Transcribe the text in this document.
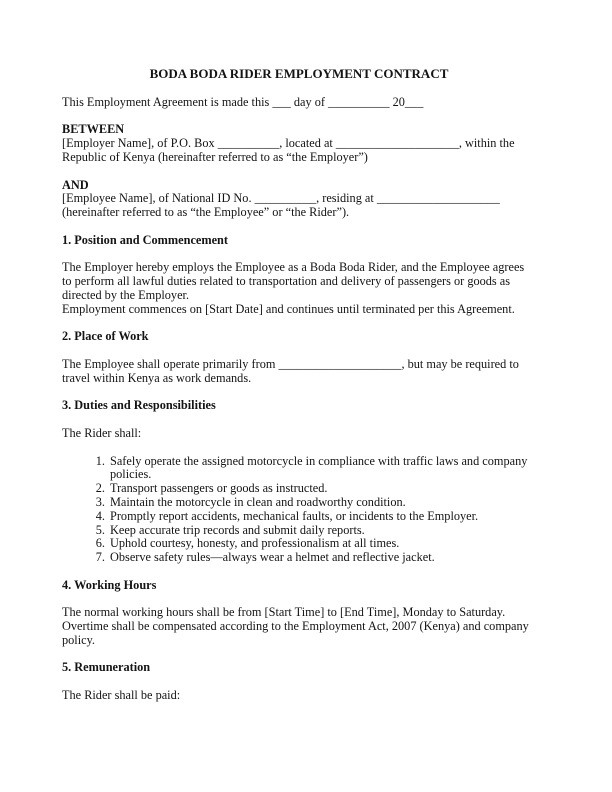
BODA BODA RIDER EMPLOYMENT CONTRACT

This Employment Agreement is made this ___ day of __________ 20___

BETWEEN
[Employer Name], of P.O. Box __________, located at ____________________, within the
Republic of Kenya (hereinafter referred to as “the Employer”)
AND
[Employee Name], of National ID No. __________, residing at ____________________
(hereinafter referred to as “the Employee” or “the Rider”).
1. Position and Commencement

The Employer hereby employs the Employee as a Boda Boda Rider, and the Employee agrees to perform all lawful duties related to transportation and delivery of passengers or goods as directed by the Employer.

Employment commences on [Start Date] and continues until terminated per this Agreement.

2. Place of Work

The Employee shall operate primarily from ____________________, but may be required to travel within Kenya as work demands.

3. Duties and Responsibilities

The Rider shall:

1. Safely operate the assigned motorcycle in compliance with traffic laws and company policies.
2. Transport passengers or goods as instructed.
3. Maintain the motorcycle in clean and roadworthy condition.
4. Promptly report accidents, mechanical faults, or incidents to the Employer.
5. Keep accurate trip records and submit daily reports.
6. Uphold courtesy, honesty, and professionalism at all times.
7. Observe safety rules—always wear a helmet and reflective jacket.
4. Working Hours

The normal working hours shall be from [Start Time] to [End Time], Monday to Saturday. Overtime shall be compensated according to the Employment Act, 2007 (Kenya) and company policy.

5. Remuneration

The Rider shall be paid:
